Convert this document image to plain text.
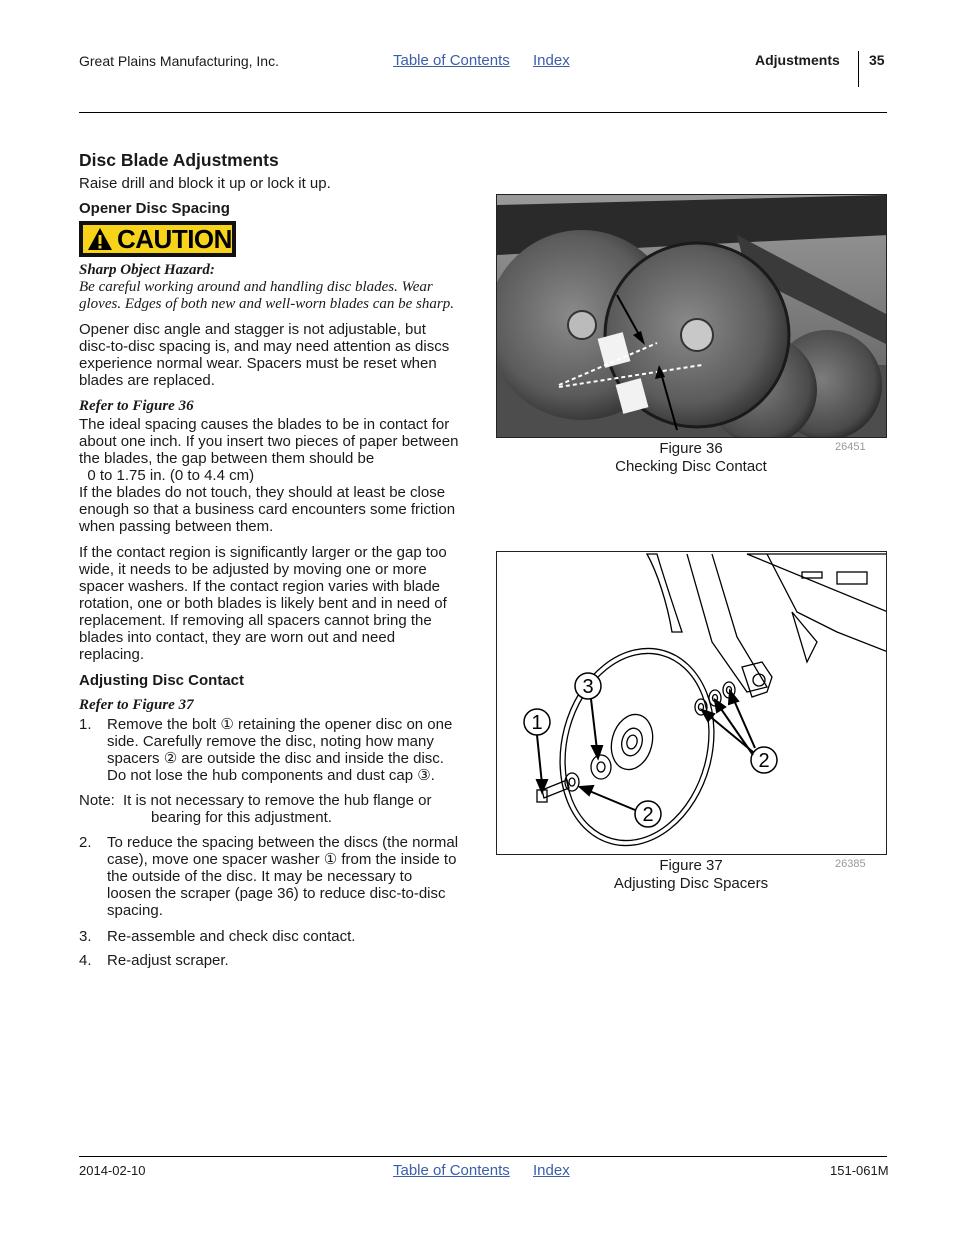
Great Plains Manufacturing, Inc.	Table of Contents Index	Adjustments 35
Disc Blade Adjustments
Raise drill and block it up or lock it up.
Opener Disc Spacing
CAUTION
Sharp Object Hazard:
Be careful working around and handling disc blades. Wear
gloves. Edges of both new and well-worn blades can be sharp.
Opener disc angle and stagger is not adjustable, but
disc-to-disc spacing is, and may need attention as discs
experience normal wear. Spacers must be reset when
blades are replaced.
Refer to Figure 36
The ideal spacing causes the blades to be in contact for
about one inch. If you insert two pieces of paper between
the blades, the gap between them should be
0 to 1.75 in. (0 to 4.4 cm)
If the blades do not touch, they should at least be close
enough so that a business card encounters some friction
when passing between them.
If the contact region is significantly larger or the gap too
wide, it needs to be adjusted by moving one or more
spacer washers. If the contact region varies with blade
rotation, one or both blades is likely bent and in need of
replacement. If removing all spacers cannot bring the
blades into contact, they are worn out and need
replacing.
Adjusting Disc Contact
Refer to Figure 37
1.	Remove the bolt ① retaining the opener disc on one
side. Carefully remove the disc, noting how many
spacers ② are outside the disc and inside the disc.
Do not lose the hub components and dust cap ③.
Note: It is not necessary to remove the hub flange or
bearing for this adjustment.
2.	To reduce the spacing between the discs (the normal
case), move one spacer washer ① from the inside to
the outside of the disc. It may be necessary to
loosen the scraper (page 36) to reduce disc-to-disc
spacing.
3.	Re-assemble and check disc contact.
4.	Re-adjust scraper.
Figure 36
Checking Disc Contact
26451
1
3
2
2
Figure 37
Adjusting Disc Spacers
26385
2014-02-10	Table of Contents Index	151-061M
